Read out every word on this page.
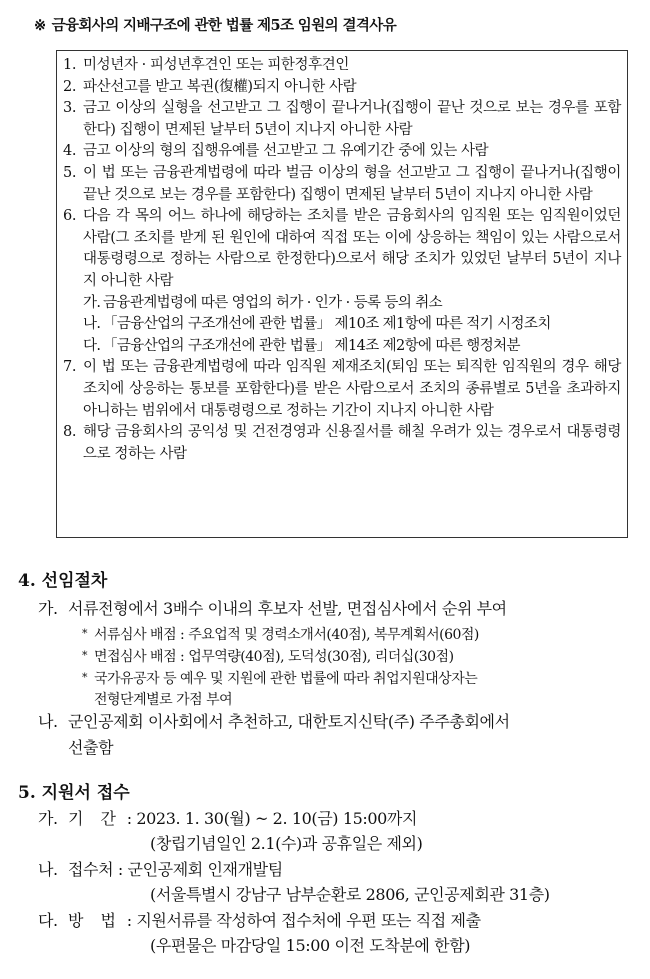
※ 금융회사의 지배구조에 관한 법률 제5조 임원의 결격사유
1. 미성년자 · 피성년후견인 또는 피한정후견인
2. 파산선고를 받고 복권(復權)되지 아니한 사람
3. 금고 이상의 실형을 선고받고 그 집행이 끝나거나(집행이 끝난 것으로 보는 경우를 포함한다) 집행이 면제된 날부터 5년이 지나지 아니한 사람
4. 금고 이상의 형의 집행유예를 선고받고 그 유예기간 중에 있는 사람
5. 이 법 또는 금융관계법령에 따라 벌금 이상의 형을 선고받고 그 집행이 끝나거나(집행이 끝난 것으로 보는 경우를 포함한다) 집행이 면제된 날부터 5년이 지나지 아니한 사람
6. 다음 각 목의 어느 하나에 해당하는 조치를 받은 금융회사의 임직원 또는 임직원이었던 사람(그 조치를 받게 된 원인에 대하여 직접 또는 이에 상응하는 책임이 있는 사람으로서 대통령령으로 정하는 사람으로 한정한다)으로서 해당 조치가 있었던 날부터 5년이 지나지 아니한 사람
가. 금융관계법령에 따른 영업의 허가 · 인가 · 등록 등의 취소
나. 「금융산업의 구조개선에 관한 법률」 제10조 제1항에 따른 적기 시정조치
다. 「금융산업의 구조개선에 관한 법률」 제14조 제2항에 따른 행정처분
7. 이 법 또는 금융관계법령에 따라 임직원 제재조치(퇴임 또는 퇴직한 임직원의 경우 해당 조치에 상응하는 통보를 포함한다)를 받은 사람으로서 조치의 종류별로 5년을 초과하지 아니하는 범위에서 대통령령으로 정하는 기간이 지나지 아니한 사람
8. 해당 금융회사의 공익성 및 건전경영과 신용질서를 해칠 우려가 있는 경우로서 대통령령으로 정하는 사람
4. 선임절차
가. 서류전형에서 3배수 이내의 후보자 선발, 면접심사에서 순위 부여
* 서류심사 배점 : 주요업적 및 경력소개서(40점), 복무계획서(60점)
* 면접심사 배점 : 업무역량(40점), 도덕성(30점), 리더십(30점)
* 국가유공자 등 예우 및 지원에 관한 법률에 따라 취업지원대상자는
전형단계별로 가점 부여
나. 군인공제회 이사회에서 추천하고, 대한토지신탁(주) 주주총회에서
선출함
5. 지원서 접수
가. 기 간 : 2023. 1. 30(월) ~ 2. 10(금) 15:00까지
(창립기념일인 2.1(수)과 공휴일은 제외)
나. 접수처 : 군인공제회 인재개발팀
(서울특별시 강남구 남부순환로 2806, 군인공제회관 31층)
다. 방 법 : 지원서류를 작성하여 접수처에 우편 또는 직접 제출
(우편물은 마감당일 15:00 이전 도착분에 한함)
